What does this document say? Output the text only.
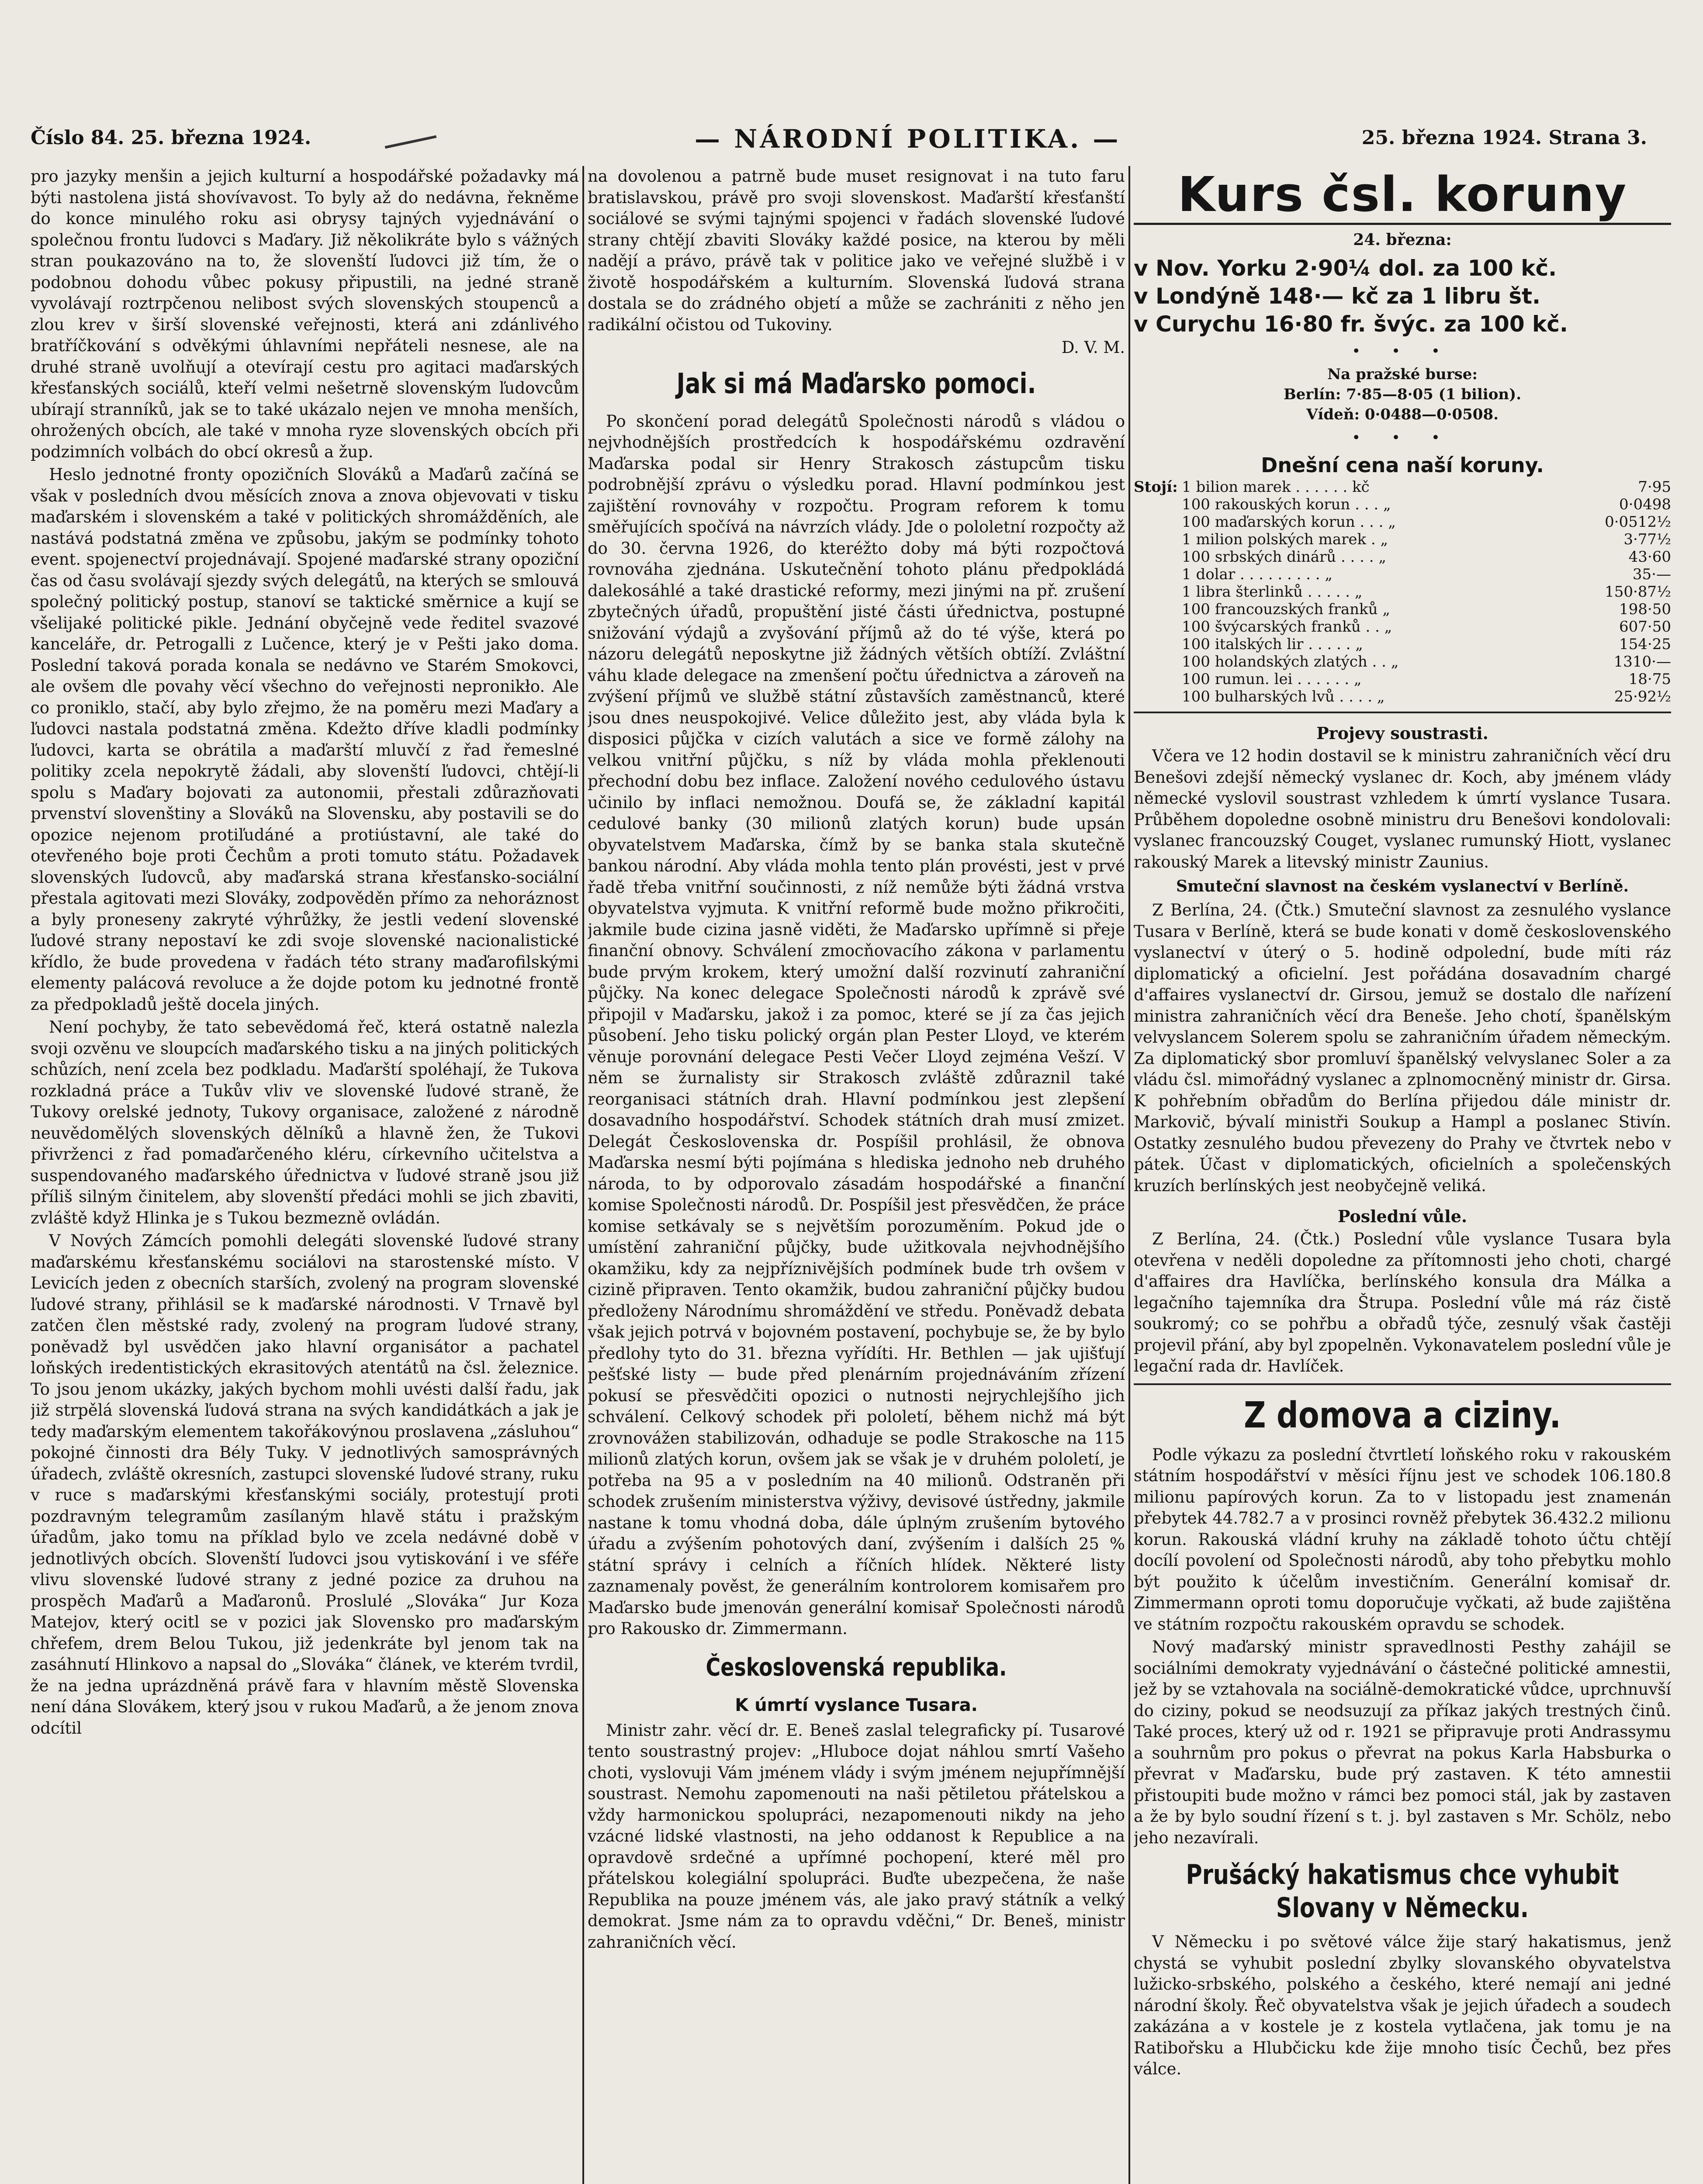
Číslo 84. 25. března 1924.	— NÁRODNÍ POLITIKA. —	25. března 1924. Strana 3.

pro jazyky menšin a jejich kulturní a hospodářské požadavky má býti nastolena jistá shovívavost. To byly až do nedávna, řekněme do konce minulého roku asi obrysy tajných vyjednávání o společnou frontu ľudovci s Maďary. Již několikráte bylo s vážných stran poukazováno na to, že slovenští ľudovci již tím, že o podobnou dohodu vůbec pokusy připustili, na jedné straně vyvolávají roztrpčenou nelibost svých slovenských stoupenců a zlou krev v širší slovenské veřejnosti, která ani zdánlivého bratříčkování s odvěkými úhlavními nepřáteli nesnese, ale na druhé straně uvolňují a otevírají cestu pro agitaci maďarských křesťanských sociálů, kteří velmi nešetrně slovenským ľudovcům ubírají stranníků, jak se to také ukázalo nejen ve mnoha menších, ohrožených obcích, ale také v mnoha ryze slovenských obcích při podzimních volbách do obcí okresů a žup.

Heslo jednotné fronty opozičních Slováků a Maďarů začíná se však v posledních dvou měsících znova a znova objevovati v tisku maďarském i slovenském a také v politických shromážděních, ale nastává podstatná změna ve způsobu, jakým se podmínky tohoto event. spojenectví projednávají. Spojené maďarské strany opoziční čas od času svolávají sjezdy svých delegátů, na kterých se smlouvá společný politický postup, stanoví se taktické směrnice a kují se všelijaké politické pikle. Jednání obyčejně vede ředitel svazové kanceláře, dr. Petrogalli z Lučence, který je v Pešti jako doma. Poslední taková porada konala se nedávno ve Starém Smokovci, ale ovšem dle povahy věcí všechno do veřejnosti nepronikło. Ale co proniklo, stačí, aby bylo zřejmo, že na poměru mezi Maďary a ľudovci nastala podstatná změna. Kdežto dříve kladli podmínky ľudovci, karta se obrátila a maďarští mluvčí z řad řemeslné politiky zcela nepokrytě žádali, aby slovenští ľudovci, chtějí-li spolu s Maďary bojovati za autonomii, přestali zdůrazňovati prvenství slovenštiny a Slováků na Slovensku, aby postavili se do opozice nejenom protiľudáné a protiústavní, ale také do otevřeného boje proti Čechům a proti tomuto státu. Požadavek slovenských ľudovců, aby maďarská strana křesťansko-sociální přestala agitovati mezi Slováky, zodpověděn přímo za nehoráznost a byly proneseny zakryté výhrůžky, že jestli vedení slovenské ľudové strany nepostaví ke zdi svoje slovenské nacionalistické křídlo, že bude provedena v řadách této strany maďarofilskými elementy palácová revoluce a že dojde potom ku jednotné frontě za předpokladů ještě docela jiných.

Není pochyby, že tato sebevědomá řeč, která ostatně nalezla svoji ozvěnu ve sloupcích maďarského tisku a na jiných politických schůzích, není zcela bez podkladu. Maďarští spoléhají, že Tukova rozkladná práce a Tukův vliv ve slovenské ľudové straně, že Tukovy orelské jednoty, Tukovy organisace, založené z národně neuvědomělých slovenských dělníků a hlavně žen, že Tukovi přivrženci z řad pomaďarčeného kléru, církevního učitelstva a suspendovaného maďarského úřednictva v ľudové straně jsou již příliš silným činitelem, aby slovenští předáci mohli se jich zbaviti, zvláště když Hlinka je s Tukou bezmezně ovládán.

V Nových Zámcích pomohli delegáti slovenské ľudové strany maďarskému křesťanskému sociálovi na starostenské místo. V Levicích jeden z obecních starších, zvolený na program slovenské ľudové strany, přihlásil se k maďarské národnosti. V Trnavě byl zatčen člen městské rady, zvolený na program ľudové strany, poněvadž byl usvědčen jako hlavní organisátor a pachatel loňských iredentistických ekrasitových atentátů na čsl. železnice. To jsou jenom ukázky, jakých bychom mohli uvésti další řadu, jak již strpělá slovenská ľudová strana na svých kandidátkách a jak je tedy maďarským elementem takořákovýnou proslavena „zásluhou“ pokojné činnosti dra Bély Tuky. V jednotlivých samosprávných úřadech, zvláště okresních, zastupci slovenské ľudové strany, ruku v ruce s maďarskými křesťanskými sociály, protestují proti pozdravným telegramům zasílaným hlavě státu i pražským úřadům, jako tomu na příklad bylo ve zcela nedávné době v jednotlivých obcích. Slovenští ľudovci jsou vytiskování i ve sféře vlivu slovenské ľudové strany z jedné pozice za druhou na prospěch Maďarů a Maďaronů. Proslulé „Slovákа“ Jur Koza Matejov, který ocitl se v pozici jak Slovensko pro maďarským chřefem, drem Belou Tukou, již jedenkráte byl jenom tak na zasáhnutí Hlinkovo a napsal do „Slováka“ článek, ve kterém tvrdil, že na jedna uprázdněná právě fara v hlavním městě Slovenska není dána Slovákem, který jsou v rukou Maďarů, a že jenom znova odcítil

na dovolenou a patrně bude muset resignovat i na tuto faru bratislavskou, právě pro svoji slovenskost. Maďarští křesťanští sociálové se svými tajnými spojenci v řadách slovenské ľudové strany chtějí zbaviti Slováky každé posice, na kterou by měli nadějí a právo, právě tak v politice jako ve veřejné službě i v životě hospodářském a kulturním. Slovenská ľudová strana dostala se do zrádného objetí a může se zachrániti z něho jen radikální očistou od Tukoviny.

D. V. M.
Jak si má Maďarsko pomoci.

Po skončení porad delegátů Společnosti národů s vládou o nejvhodnějších prostředcích k hospodářskému ozdravění Maďarska podal sir Henry Strakosch zástupcům tisku podrobnější zprávu o výsledku porad. Hlavní podmínkou jest zajištění rovnováhy v rozpočtu. Program reforem k tomu směřujících spočívá na návrzích vlády. Jde o pololetní rozpočty až do 30. června 1926, do kteréžto doby má býti rozpočtová rovnováha zjednána. Uskutečnění tohoto plánu předpokládá dalekosáhlé a také drastické reformy, mezi jinými na př. zrušení zbytečných úřadů, propuštění jisté části úřednictva, postupné snižování výdajů a zvyšování příjmů až do té výše, která po názoru delegátů neposkytne již žádných větších obtíží. Zvláštní váhu klade delegace na zmenšení počtu úřednictva a zároveň na zvýšení příjmů ve službě státní zůstavších zaměstnanců, které jsou dnes neuspokojivé. Velice důležito jest, aby vláda byla k disposici půjčka v cizích valutách a sice ve formě zálohy na velkou vnitřní půjčku, s níž by vláda mohla překlenouti přechodní dobu bez inflace. Založení nového cedulového ústavu učinilo by inflaci nemožnou. Doufá se, že základní kapitál cedulové banky (30 milionů zlatých korun) bude upsán obyvatelstvem Maďarska, čímž by se banka stala skutečně bankou národní. Aby vláda mohla tento plán provésti, jest v prvé řadě třeba vnitřní součinnosti, z níž nemůže býti žádná vrstva obyvatelstva vyjmuta. K vnitřní reformě bude možno přikročiti, jakmile bude cizina jasně viděti, že Maďarsko upřímně si přeje finanční obnovy. Schválení zmocňovacího zákona v parlamentu bude prvým krokem, který umožní další rozvinutí zahraniční půjčky. Na konec delegace Společnosti národů k zprávě své připojil v Maďarsku, jakož i za pomoc, které se jí za čas jejich působení. Jeho tisku polický orgán plan Pester Lloyd, ve kterém věnuje porovnání delegace Pesti Večer Lloyd zejména Vešzí. V něm se žurnalisty sir Strakosch zvláště zdůraznil také reorganisaci státních drah. Hlavní podmínkou jest zlepšení dosavadního hospodářství. Schodek státních drah musí zmizet. Delegát Československa dr. Pospíšil prohlásil, že obnova Maďarska nesmí býti pojímána s hlediska jednoho neb druhého národa, to by odporovalo zásadám hospodářské a finanční komise Společnosti národů. Dr. Pospíšil jest přesvědčen, že práce komise setkávaly se s největším porozuměním. Pokud jde o umístění zahraniční půjčky, bude užitkovala nejvhodnějšího okamžiku, kdy za nejpříznivějších podmínek bude trh ovšem v cizině připraven. Tento okamžik, budou zahraniční půjčky budou předloženy Národnímu shromáždění ve středu. Poněvadž debata však jejich potrvá v bojovném postavení, pochybuje se, že by bylo předlohy tyto do 31. března vyřídíti. Hr. Bethlen — jak ujišťují pešťské listy — bude před plenárním projednáváním zřízení pokusí se přesvědčiti opozici o nutnosti nejrychlejšího jich schválení. Celkový schodek při pololetí, během nichž má být zrovnovážen stabilizován, odhaduje se podle Strakosche na 115 milionů zlatých korun, ovšem jak se však je v druhém pololetí, je potřeba na 95 a v posledním na 40 milionů. Odstraněn při schodek zrušením ministerstva výživy, devisové ústředny, jakmile nastane k tomu vhodná doba, dále úplným zrušením bytového úřadu a zvýšením pohotových daní, zvýšením i dalších 25 % státní správy i celních a říčních hlídek. Některé listy zaznamenaly pověst, že generálním kontrolorem komisařem pro Maďarsko bude jmenován generální komisař Společnosti národů pro Rakousko dr. Zimmermann.

Československá republika.
K úmrtí vyslance Tusara.

Ministr zahr. věcí dr. E. Beneš zaslal telegraficky pí. Tusarové tento soustrastný projev: „Hluboce dojat náhlou smrtí Vašeho choti, vyslovuji Vám jménem vlády i svým jménem nejupřímnější soustrast. Nemohu zapomenouti na naši pětiletou přátelskou a vždy harmonickou spolupráci, nezapomenouti nikdy na jeho vzácné lidské vlastnosti, na jeho oddanost k Republice a na opravdově srdečné a upřímné pochopení, které měl pro přátelskou kolegiální spolupráci. Buďte ubezpečena, že naše Republika na pouze jménem vás, ale jako pravý státník a velký demokrat. Jsme nám za to opravdu vděčni,“ Dr. Beneš, ministr zahraničních věcí.

Kurs čsl. koruny
24. března:
v Nov. Yorku 2·90¼ dol. za 100 kč.
v Londýně 148·— kč za 1 libru št.
v Curychu 16·80 fr. švýc. za 100 kč.
• • •
Na pražské burse:
Berlín: 7·85—8·05 (1 bilion).
Vídeň: 0·0488—0·0508.
• • •
Dnešní cena naší koruny.
Stojí:	1 bilion marek . . . . . . kč	7·95
	100 rakouských korun . . . „	0·0498
	100 maďarských korun . . . „	0·0512½
	1 milion polských marek . „	3·77½
	100 srbských dinárů . . . . „	43·60
	1 dolar . . . . . . . . . „	35·—
	1 libra šterlinků . . . . . „	150·87½
	100 francouzských franků „	198·50
	100 švýcarských franků . . „	607·50
	100 italských lir . . . . . „	154·25
	100 holandských zlatých . . „	1310·—
	100 rumun. lei . . . . . . „	18·75
	100 bulharských lvů . . . . „	25·92½
Projevy soustrasti.

Včera ve 12 hodin dostavil se k ministru zahraničních věcí dru Benešovi zdejší německý vyslanec dr. Koch, aby jménem vlády německé vyslovil soustrast vzhledem k úmrtí vyslance Tusara. Průběhem dopoledne osobně ministru dru Benešovi kondolovali: vyslanec francouzský Couget, vyslanec rumunský Hiott, vyslanec rakouský Marek a litevský ministr Zaunius.

Smuteční slavnost na českém vyslanectví v Berlíně.

Z Berlína, 24. (Čtk.) Smuteční slavnost za zesnulého vyslance Tusara v Berlíně, která se bude konati v domě československého vyslanectví v úterý o 5. hodině odpolední, bude míti ráz diplomatický a oficielní. Jest pořádána dosavadním chargé d'affaires vyslanectví dr. Girsou, jemuž se dostalo dle nařízení ministra zahraničních věcí dra Beneše. Jeho chotí, španělským velvyslancem Solerem spolu se zahraničním úřadem německým. Za diplomatický sbor promluví španělský velvyslanec Soler a za vládu čsl. mimořádný vyslanec a zplnomocněný ministr dr. Girsa. K pohřebním obřadům do Berlína přijedou dále ministr dr. Markovič, bývalí ministři Soukup a Hampl a poslanec Stivín. Ostatky zesnulého budou převezeny do Prahy ve čtvrtek nebo v pátek. Účast v diplomatických, oficielních a společenských kruzích berlínských jest neobyčejně veliká.

Poslední vůle.

Z Berlína, 24. (Čtk.) Poslední vůle vyslance Tusara byla otevřena v neděli dopoledne za přítomnosti jeho choti, chargé d'affaires dra Havlíčka, berlínského konsula dra Málka a legačního tajemníka dra Štrupa. Poslední vůle má ráz čistě soukromý; co se pohřbu a obřadů týče, zesnulý však častěji projevil přání, aby byl zpopelněn. Vykonavatelem poslední vůle je legační rada dr. Havlíček.

Z domova a ciziny.

Podle výkazu za poslední čtvrtletí loňského roku v rakouském státním hospodářství v měsíci říjnu jest ve schodek 106.180.8 milionu papírových korun. Za to v listopadu jest znamenán přebytek 44.782.7 a v prosinci rovněž přebytek 36.432.2 milionu korun. Rakouská vládní kruhy na základě tohoto účtu chtějí docílí povolení od Společnosti národů, aby toho přebytku mohlo být použito k účelům investičním. Generální komisař dr. Zimmermann oproti tomu doporučuje vyčkati, až bude zajištěna ve státním rozpočtu rakouském opravdu se schodek.

Nový maďarský ministr spravedlnosti Pesthy zahájil se sociálními demokraty vyjednávání o částečné politické amnestii, jež by se vztahovala na sociálně-demokratické vůdce, uprchnuvší do ciziny, pokud se neodsuzují za příkaz jakých trestných činů. Také proces, který už od r. 1921 se připravuje proti Andrassymu a souhrnům pro pokus o převrat na pokus Karla Habsburka o převrat v Maďarsku, bude prý zastaven. K této amnestii přistoupiti bude možno v rámci bez pomoci stál, jak by zastaven a že by bylo soudní řízení s t. j. byl zastaven s Mr. Schölz, nebo jeho nezavírali.

Prušácký hakatismus chce vyhubit Slovany v Německu.

V Německu i po světové válce žije starý hakatismus, jenž chystá se vyhubit poslední zbylky slovanského obyvatelstva lužicko-srbského, polského a českého, které nemají ani jedné národní školy. Řeč obyvatelstva však je jejich úřadech a soudech zakázána a v kostele je z kostela vytlačena, jak tomu je na Ratibořsku a Hlubčicku kde žije mnoho tisíc Čechů, bez přes válce.
